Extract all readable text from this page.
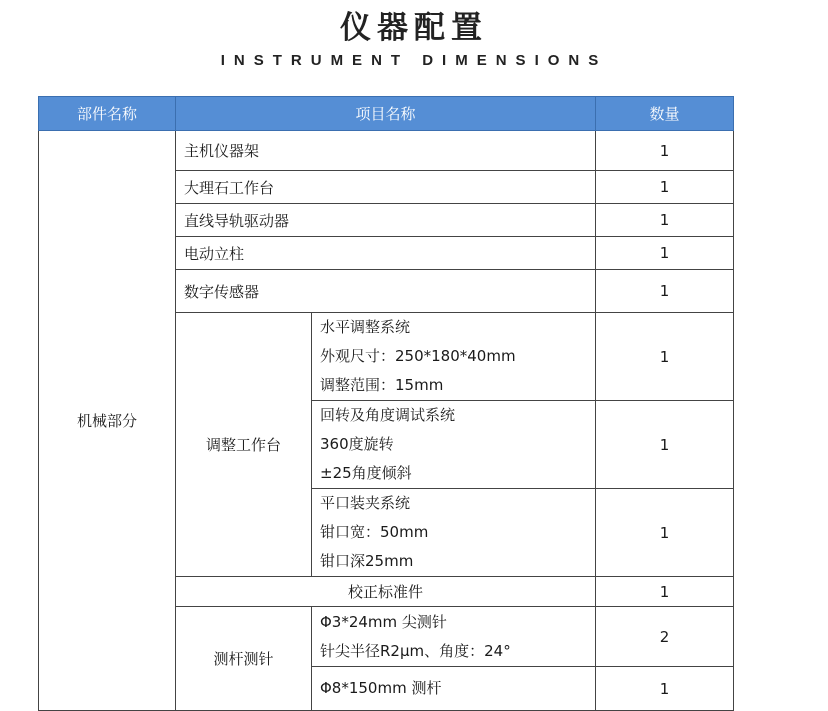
仪器配置
INSTRUMENT DIMENSIONS
部件名称	项目名称		数量
机械部分	主机仪器架		1
	大理石工作台		1
	直线导轨驱动器		1
	电动立柱		1
	数字传感器		1
	调整工作台	水平调整系统
外观尺寸：250*180*40mm
调整范围：15mm	1

		回转及角度调试系统
360度旋转
±25角度倾斜	1

		平口装夹系统
钳口宽：50mm
钳口深25mm	1
	校正标准件		1
	测杆测针	Φ3*24mm 尖测针
针尖半径R2μm、角度：24°	2

		Φ8*150mm 测杆	1
